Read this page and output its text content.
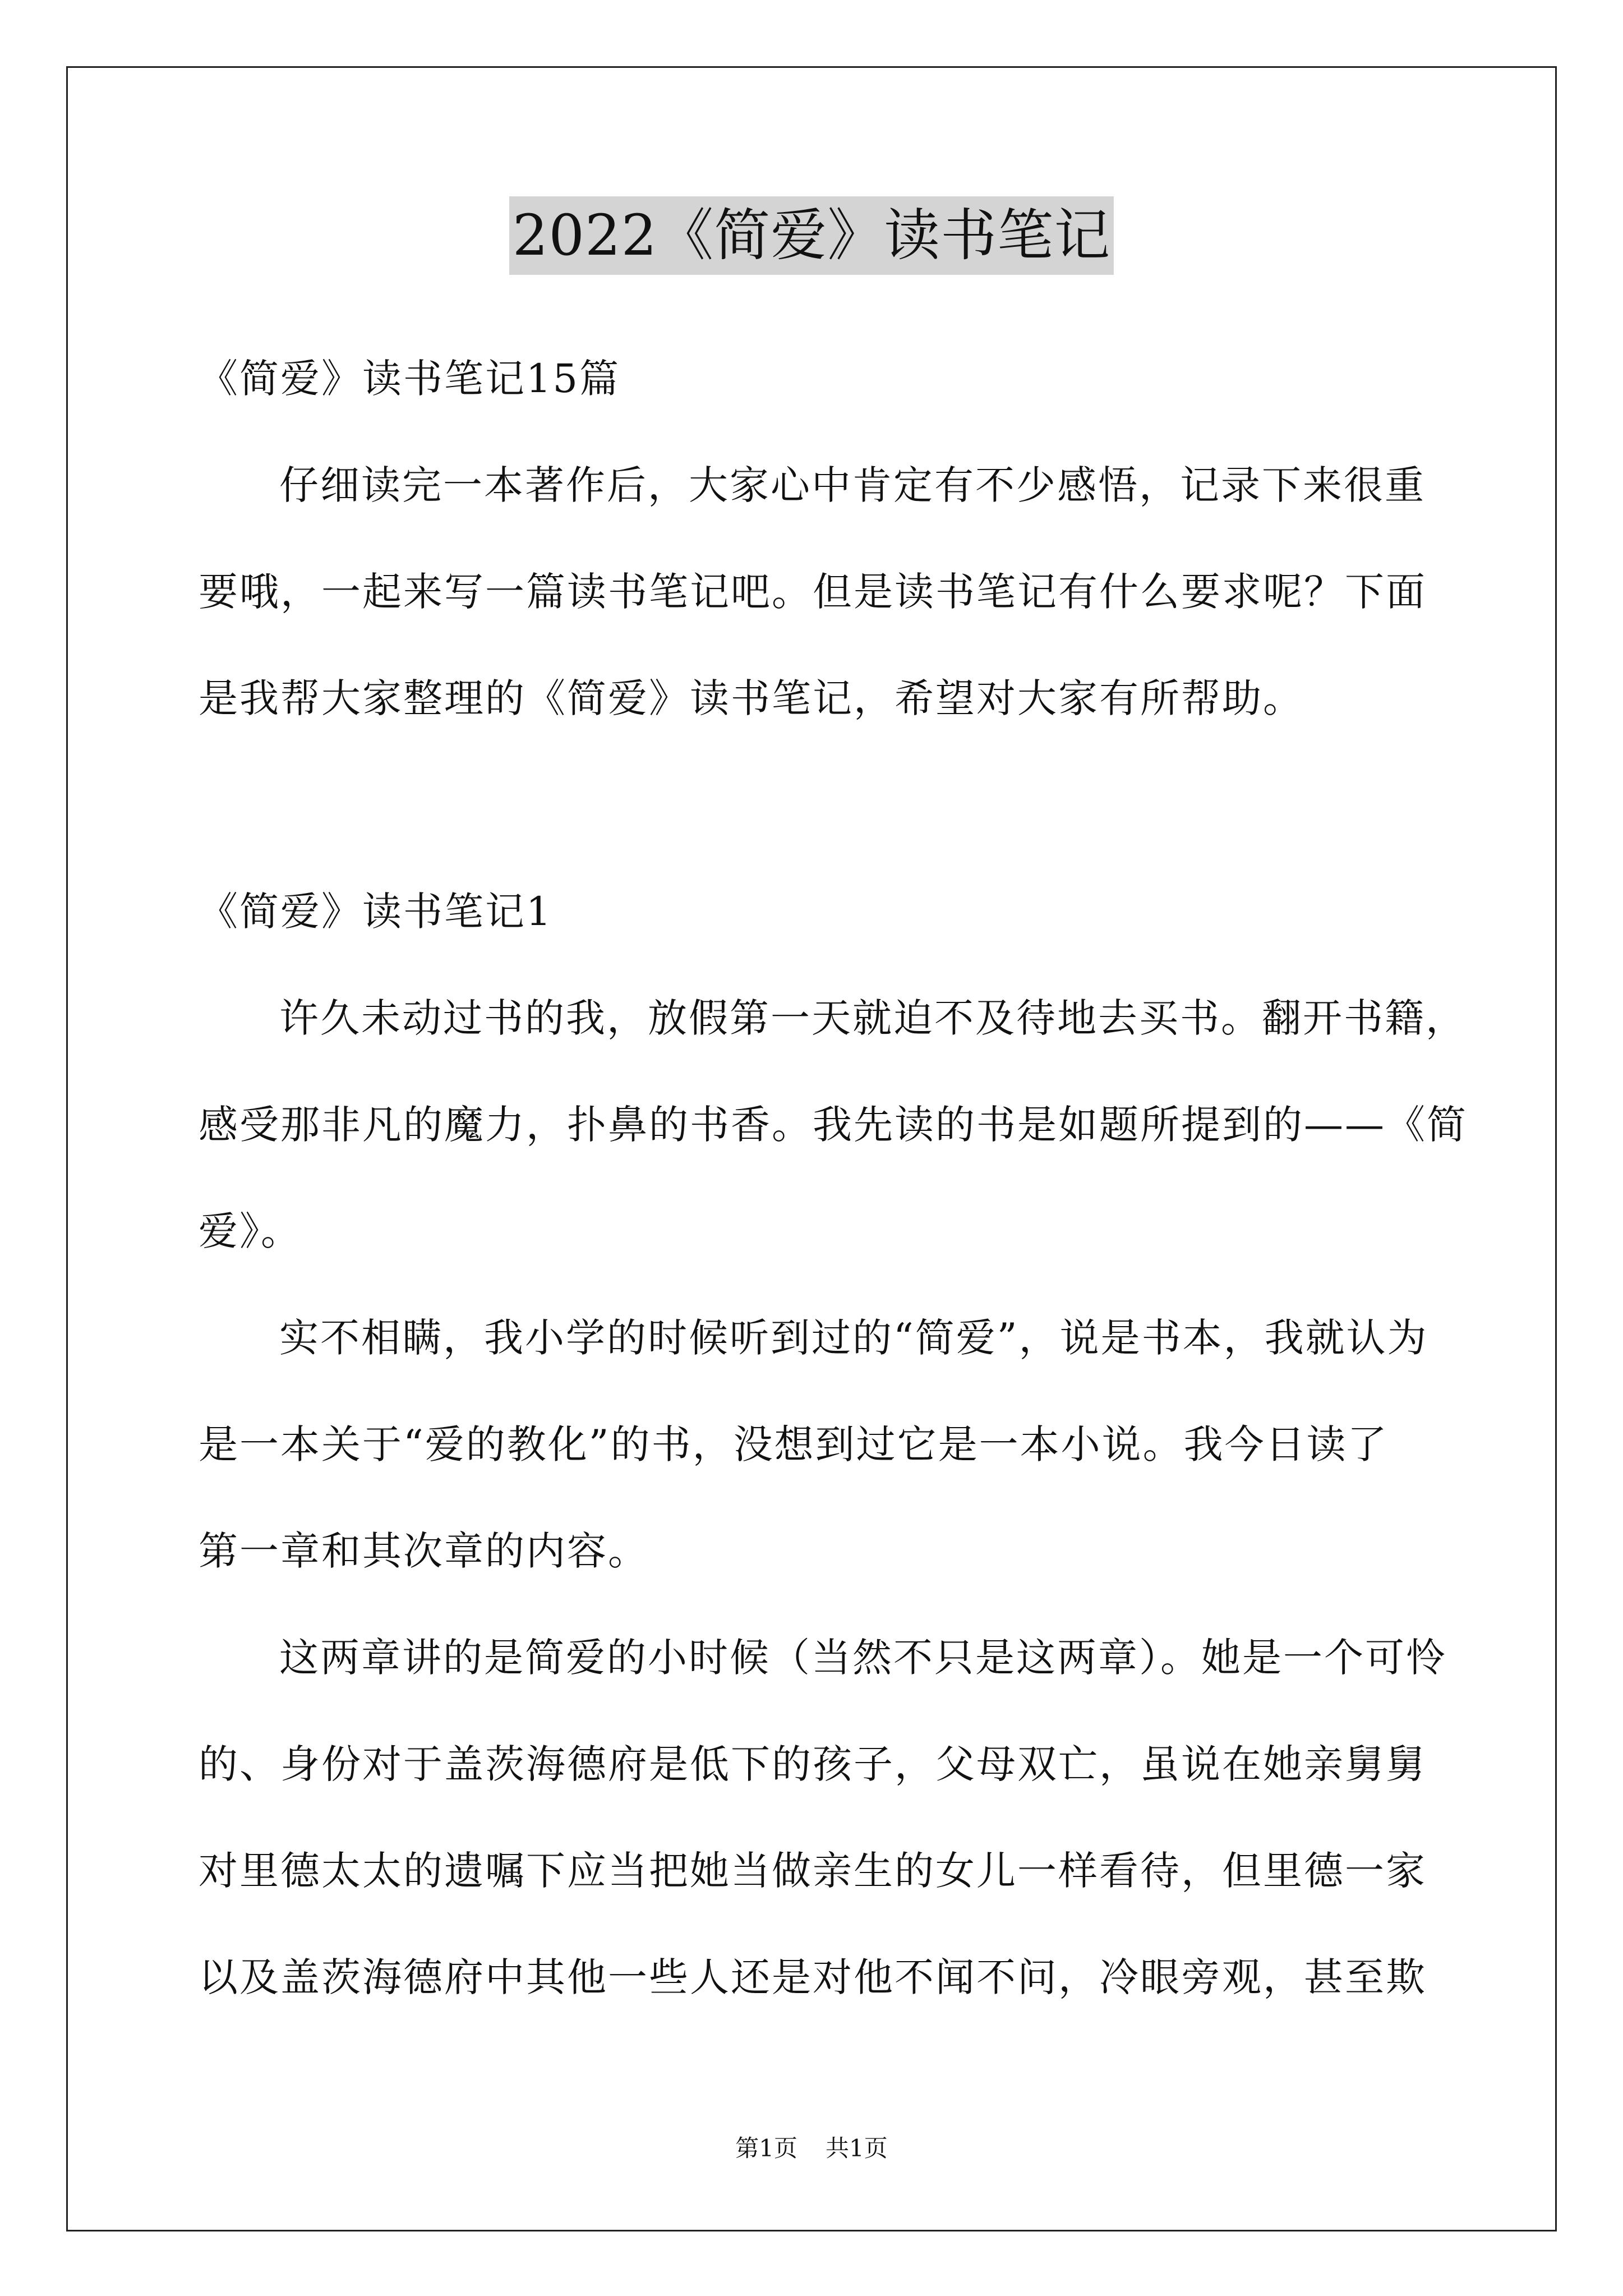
2022《简爱》读书笔记
《简爱》读书笔记15篇
仔细读完一本著作后，大家心中肯定有不少感悟，记录下来很重
要哦，一起来写一篇读书笔记吧。但是读书笔记有什么要求呢？下面
是我帮大家整理的《简爱》读书笔记，希望对大家有所帮助。
《简爱》读书笔记1
许久未动过书的我，放假第一天就迫不及待地去买书。翻开书籍，
感受那非凡的魔力，扑鼻的书香。我先读的书是如题所提到的——《简
爱》。
实不相瞒，我小学的时候听到过的“简爱”，说是书本，我就认为
是一本关于“爱的教化”的书，没想到过它是一本小说。我今日读了
第一章和其次章的内容。
这两章讲的是简爱的小时候（当然不只是这两章）。她是一个可怜
的、身份对于盖茨海德府是低下的孩子，父母双亡，虽说在她亲舅舅
对里德太太的遗嘱下应当把她当做亲生的女儿一样看待，但里德一家
以及盖茨海德府中其他一些人还是对他不闻不问，冷眼旁观，甚至欺
第1页 共1页
